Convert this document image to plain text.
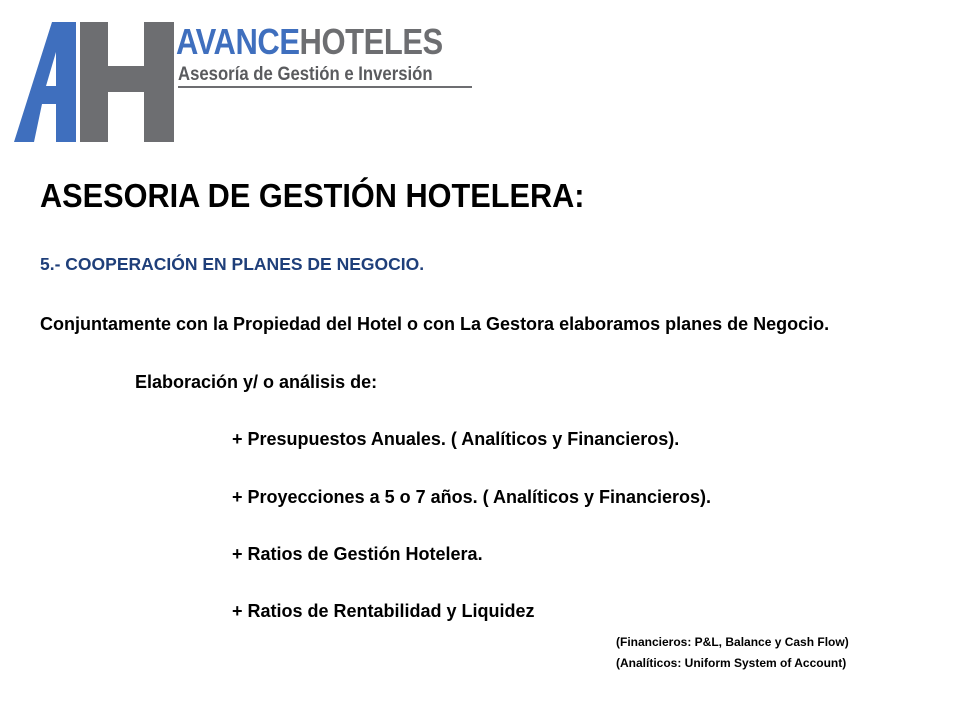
AVANCEHOTELES
Asesoría de Gestión e Inversión
ASESORIA DE GESTIÓN HOTELERA:
5.- COOPERACIÓN EN PLANES DE NEGOCIO.
Conjuntamente con la Propiedad del Hotel o con La Gestora elaboramos planes de Negocio.
Elaboración y/ o análisis de:
+ Presupuestos Anuales. ( Analíticos y Financieros).
+ Proyecciones a 5 o 7 años. ( Analíticos y Financieros).
+ Ratios de Gestión Hotelera.
+ Ratios de Rentabilidad y Liquidez
(Financieros: P&L, Balance y Cash Flow)
(Analíticos: Uniform System of Account)
